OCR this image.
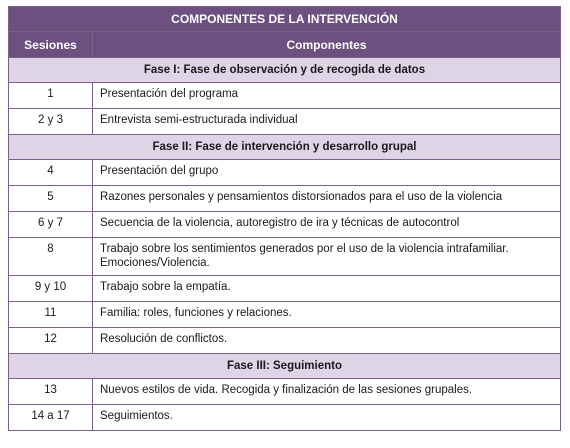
COMPONENTES DE LA INTERVENCIÓN	
Sesiones	Componentes
Fase I: Fase de observación y de recogida de datos	
1	Presentación del programa
2 y 3	Entrevista semi-estructurada individual
Fase II: Fase de intervención y desarrollo grupal	
4	Presentación del grupo
5	Razones personales y pensamientos distorsionados para el uso de la violencia
6 y 7	Secuencia de la violencia, autoregistro de ira y técnicas de autocontrol
8	Trabajo sobre los sentimientos generados por el uso de la violencia intrafamiliar. Emociones/Violencia.
9 y 10	Trabajo sobre la empatía.
11	Familia: roles, funciones y relaciones.
12	Resolución de conflictos.
Fase III: Seguimiento	
13	Nuevos estilos de vida. Recogida y finalización de las sesiones grupales.
14 a 17	Seguimientos.
